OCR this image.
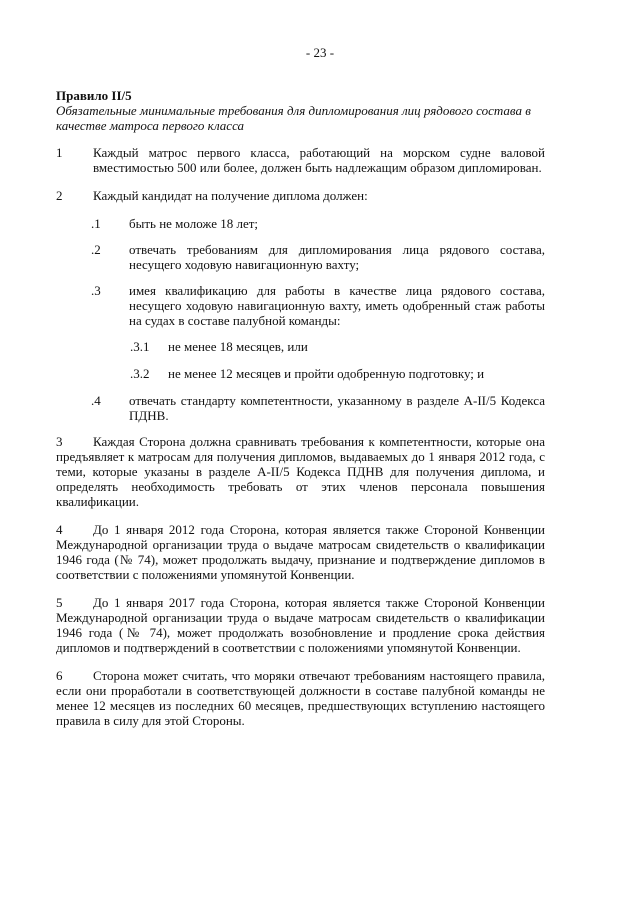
- 23 -

Правило II/5

Обязательные минимальные требования для дипломирования лиц рядового состава в качестве матроса первого класса

1 Каждый матрос первого класса, работающий на морском судне валовой вместимостью 500 или более, должен быть надлежащим образом дипломирован.
2 Каждый кандидат на получение диплома должен:
.1 быть не моложе 18 лет;
.2 отвечать требованиям для дипломирования лица рядового состава, несущего ходовую навигационную вахту;
.3 имея квалификацию для работы в качестве лица рядового состава, несущего ходовую навигационную вахту, иметь одобренный стаж работы на судах в составе палубной команды:
.3.1 не менее 18 месяцев, или
.3.2 не менее 12 месяцев и пройти одобренную подготовку; и
.4 отвечать стандарту компетентности, указанному в разделе A-II/5 Кодекса ПДНВ.
3	Каждая Сторона должна сравнивать требования к компетентности, которые она предъявляет к матросам для получения дипломов, выдаваемых до 1 января 2012 года, с теми, которые указаны в разделе A-II/5 Кодекса ПДНВ для получения диплома, и определять необходимость требовать от этих членов персонала повышения квалификации.
4	До 1 января 2012 года Сторона, которая является также Стороной Конвенции Международной организации труда о выдаче матросам свидетельств о квалификации 1946 года (№ 74), может продолжать выдачу, признание и подтверждение дипломов в соответствии с положениями упомянутой Конвенции.
5	До 1 января 2017 года Сторона, которая является также Стороной Конвенции Международной организации труда о выдаче матросам свидетельств о квалификации 1946 года (№ 74), может продолжать возобновление и продление срока действия дипломов и подтверждений в соответствии с положениями упомянутой Конвенции.
6	Сторона может считать, что моряки отвечают требованиям настоящего правила, если они проработали в соответствующей должности в составе палубной команды не менее 12 месяцев из последних 60 месяцев, предшествующих вступлению настоящего правила в силу для этой Стороны.
